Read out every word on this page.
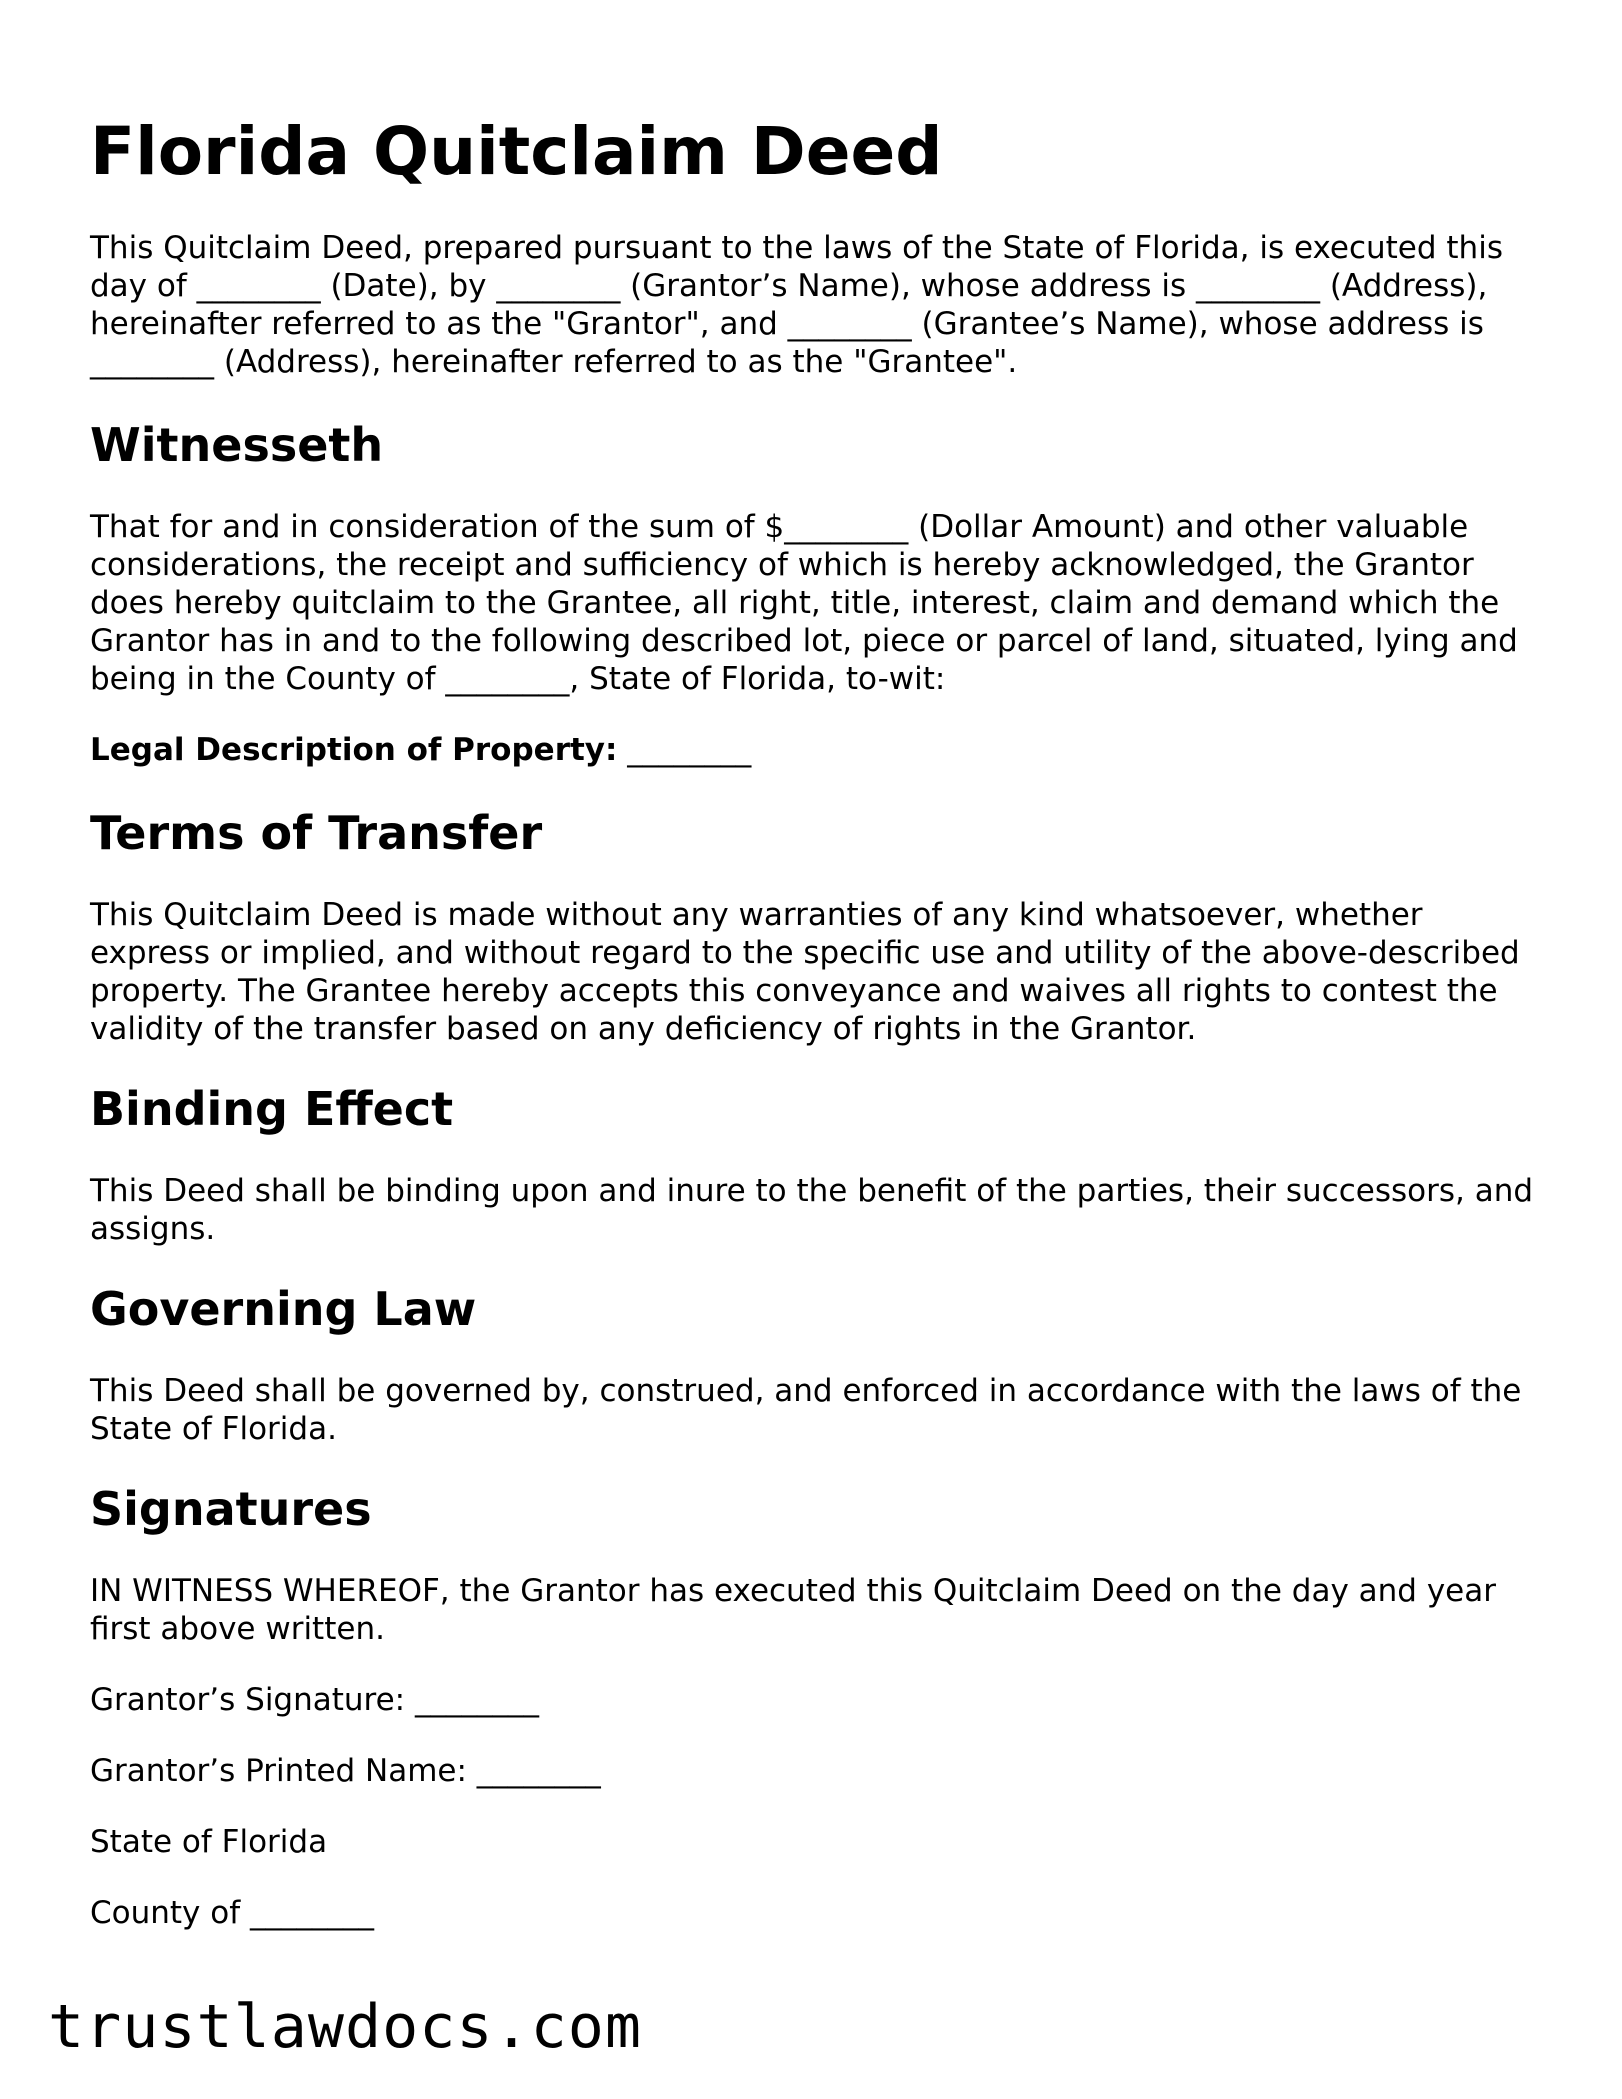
Florida Quitclaim Deed

This Quitclaim Deed, prepared pursuant to the laws of the State of Florida, is executed this day of ________ (Date), by ________ (Grantor’s Name), whose address is ________ (Address), hereinafter referred to as the "Grantor", and ________ (Grantee’s Name), whose address is ________ (Address), hereinafter referred to as the "Grantee".

Witnesseth

That for and in consideration of the sum of $________ (Dollar Amount) and other valuable considerations, the receipt and sufficiency of which is hereby acknowledged, the Grantor does hereby quitclaim to the Grantee, all right, title, interest, claim and demand which the Grantor has in and to the following described lot, piece or parcel of land, situated, lying and being in the County of ________, State of Florida, to-wit:

Legal Description of Property: ________

Terms of Transfer

This Quitclaim Deed is made without any warranties of any kind whatsoever, whether express or implied, and without regard to the specific use and utility of the above-described property. The Grantee hereby accepts this conveyance and waives all rights to contest the validity of the transfer based on any deficiency of rights in the Grantor.

Binding Effect

This Deed shall be binding upon and inure to the benefit of the parties, their successors, and assigns.

Governing Law

This Deed shall be governed by, construed, and enforced in accordance with the laws of the State of Florida.

Signatures

IN WITNESS WHEREOF, the Grantor has executed this Quitclaim Deed on the day and year first above written.

Grantor’s Signature: ________

Grantor’s Printed Name: ________

State of Florida

County of ________

trustlawdocs.com
